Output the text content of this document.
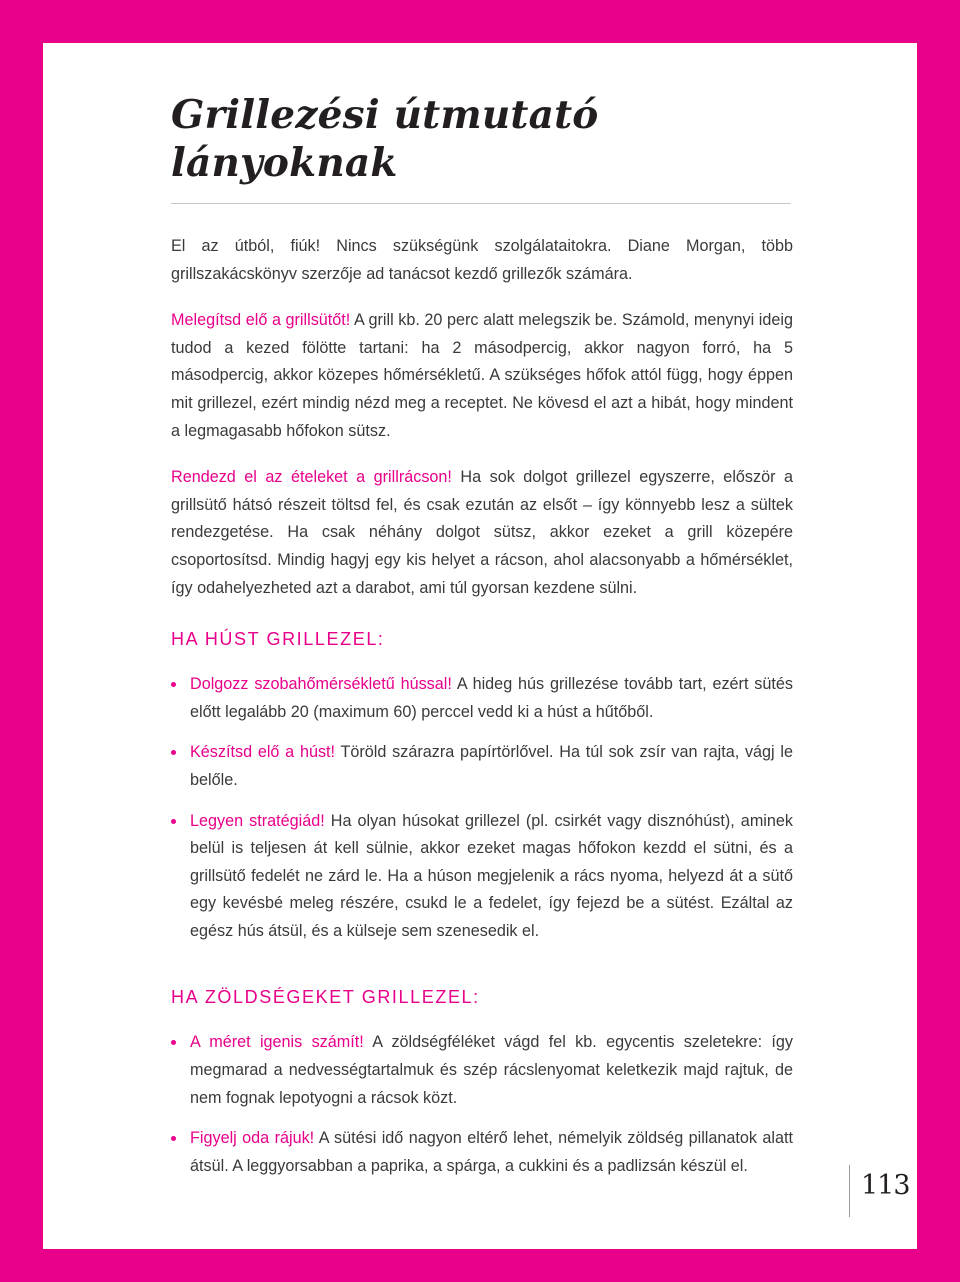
Grillezési útmutató lányoknak

El az útból, fiúk! Nincs szükségünk szolgálataitokra. Diane Morgan, több grillszakácskönyv szerzője ad tanácsot kezdő grillezők számára.

Melegítsd elő a grillsütőt! A grill kb. 20 perc alatt melegszik be. Számold, menynyi ideig tudod a kezed fölötte tartani: ha 2 másodpercig, akkor nagyon forró, ha 5 másodpercig, akkor közepes hőmérsékletű. A szükséges hőfok attól függ, hogy éppen mit grillezel, ezért mindig nézd meg a receptet. Ne kövesd el azt a hibát, hogy mindent a legmagasabb hőfokon sütsz.

Rendezd el az ételeket a grillrácson! Ha sok dolgot grillezel egyszerre, először a grillsütő hátsó részeit töltsd fel, és csak ezután az elsőt – így könnyebb lesz a sültek rendezgetése. Ha csak néhány dolgot sütsz, akkor ezeket a grill közepére csoportosítsd. Mindig hagyj egy kis helyet a rácson, ahol alacsonyabb a hőmérséklet, így odahelyezheted azt a darabot, ami túl gyorsan kezdene sülni.

HA HÚST GRILLEZEL:

Dolgozz szobahőmérsékletű hússal! A hideg hús grillezése tovább tart, ezért sütés előtt legalább 20 (maximum 60) perccel vedd ki a húst a hűtőből.

Készítsd elő a húst! Töröld szárazra papírtörlővel. Ha túl sok zsír van rajta, vágj le belőle.

Legyen stratégiád! Ha olyan húsokat grillezel (pl. csirkét vagy disznóhúst), aminek belül is teljesen át kell sülnie, akkor ezeket magas hőfokon kezdd el sütni, és a grillsütő fedelét ne zárd le. Ha a húson megjelenik a rács nyoma, helyezd át a sütő egy kevésbé meleg részére, csukd le a fedelet, így fejezd be a sütést. Ezáltal az egész hús átsül, és a külseje sem szenesedik el.

HA ZÖLDSÉGEKET GRILLEZEL:

A méret igenis számít! A zöldségféléket vágd fel kb. egycentis szeletekre: így megmarad a nedvességtartalmuk és szép rácslenyomat keletkezik majd rajtuk, de nem fognak lepotyogni a rácsok közt.

Figyelj oda rájuk! A sütési idő nagyon eltérő lehet, némelyik zöldség pillanatok alatt átsül. A leggyorsabban a paprika, a spárga, a cukkini és a padlizsán készül el.

113
